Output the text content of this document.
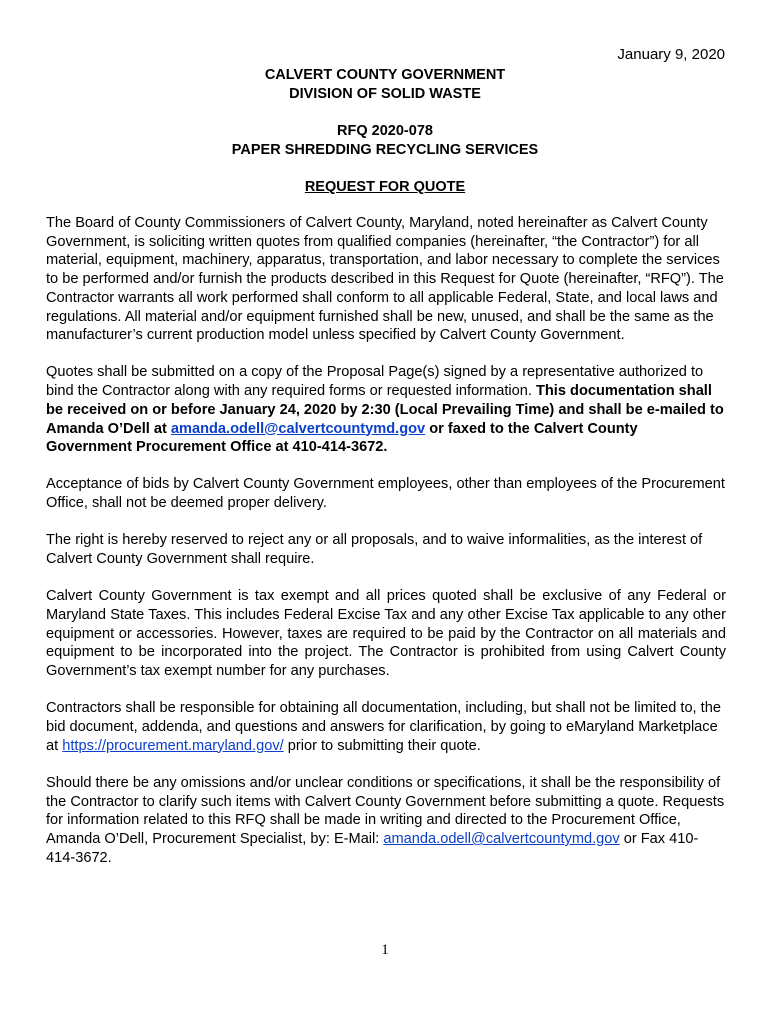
January 9, 2020
CALVERT COUNTY GOVERNMENT
DIVISION OF SOLID WASTE
RFQ 2020-078
PAPER SHREDDING RECYCLING SERVICES
REQUEST FOR QUOTE

The Board of County Commissioners of Calvert County, Maryland, noted hereinafter as Calvert County Government, is soliciting written quotes from qualified companies (hereinafter, “the Contractor”) for all material, equipment, machinery, apparatus, transportation, and labor necessary to complete the services to be performed and/or furnish the products described in this Request for Quote (hereinafter, “RFQ”). The Contractor warrants all work performed shall conform to all applicable Federal, State, and local laws and regulations. All material and/or equipment furnished shall be new, unused, and shall be the same as the manufacturer’s current production model unless specified by Calvert County Government.

Quotes shall be submitted on a copy of the Proposal Page(s) signed by a representative authorized to bind the Contractor along with any required forms or requested information. This documentation shall be received on or before January 24, 2020 by 2:30 (Local Prevailing Time) and shall be e-mailed to Amanda O’Dell at amanda.odell@calvertcountymd.gov or faxed to the Calvert County Government Procurement Office at 410-414-3672.

Acceptance of bids by Calvert County Government employees, other than employees of the Procurement Office, shall not be deemed proper delivery.

The right is hereby reserved to reject any or all proposals, and to waive informalities, as the interest of Calvert County Government shall require.

Calvert County Government is tax exempt and all prices quoted shall be exclusive of any Federal or Maryland State Taxes. This includes Federal Excise Tax and any other Excise Tax applicable to any other equipment or accessories. However, taxes are required to be paid by the Contractor on all materials and equipment to be incorporated into the project. The Contractor is prohibited from using Calvert County Government’s tax exempt number for any purchases.

Contractors shall be responsible for obtaining all documentation, including, but shall not be limited to, the bid document, addenda, and questions and answers for clarification, by going to eMaryland Marketplace at https://procurement.maryland.gov/ prior to submitting their quote.

Should there be any omissions and/or unclear conditions or specifications, it shall be the responsibility of the Contractor to clarify such items with Calvert County Government before submitting a quote. Requests for information related to this RFQ shall be made in writing and directed to the Procurement Office, Amanda O’Dell, Procurement Specialist, by: E-Mail: amanda.odell@calvertcountymd.gov or Fax 410-414-3672.

1
